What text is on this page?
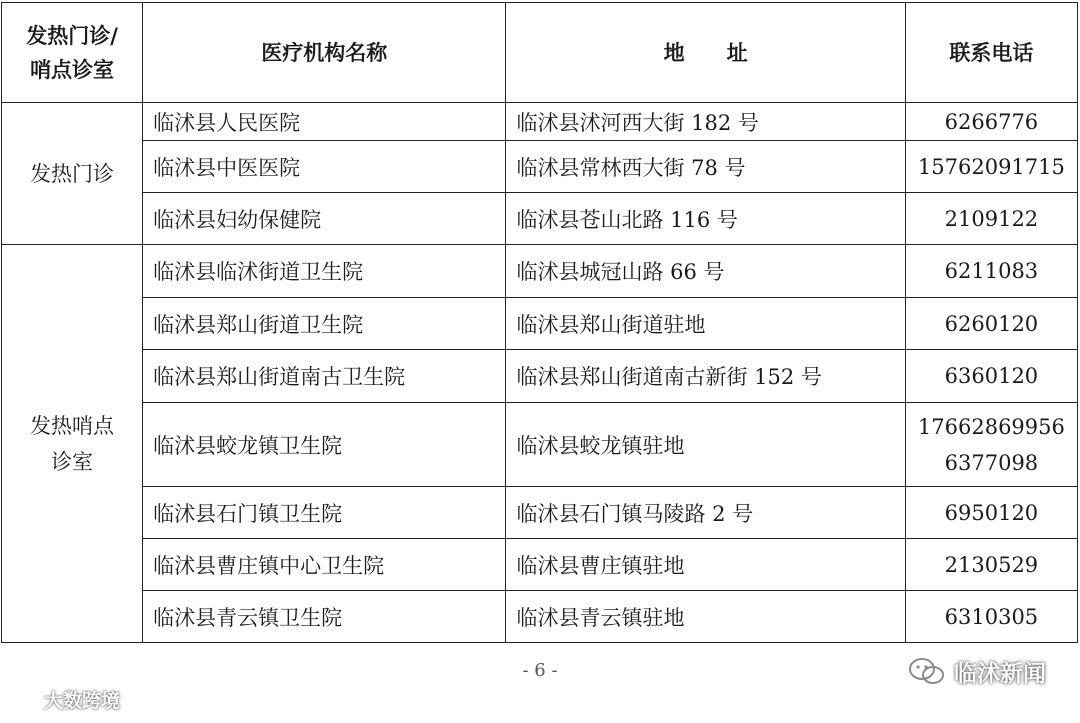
发热门诊/
哨点诊室	医疗机构名称	地　　址	联系电话
发热门诊	临沭县人民医院	临沭县沭河西大街 182 号	6266776
	临沭县中医医院	临沭县常林西大街 78 号	15762091715
	临沭县妇幼保健院	临沭县苍山北路 116 号	2109122

发热哨点
诊室	临沭县临沭街道卫生院	临沭县城冠山路 66 号	6211083
	临沭县郑山街道卫生院	临沭县郑山街道驻地	6260120
	临沭县郑山街道南古卫生院	临沭县郑山街道南古新街 152 号	6360120
	临沭县蛟龙镇卫生院	临沭县蛟龙镇驻地	17662869956
6377098

	临沭县石门镇卫生院	临沭县石门镇马陵路 2 号	6950120
	临沭县曹庄镇中心卫生院	临沭县曹庄镇驻地	2130529
	临沭县青云镇卫生院	临沭县青云镇驻地	6310305
- 6 -
大数跨境
临沭新闻
